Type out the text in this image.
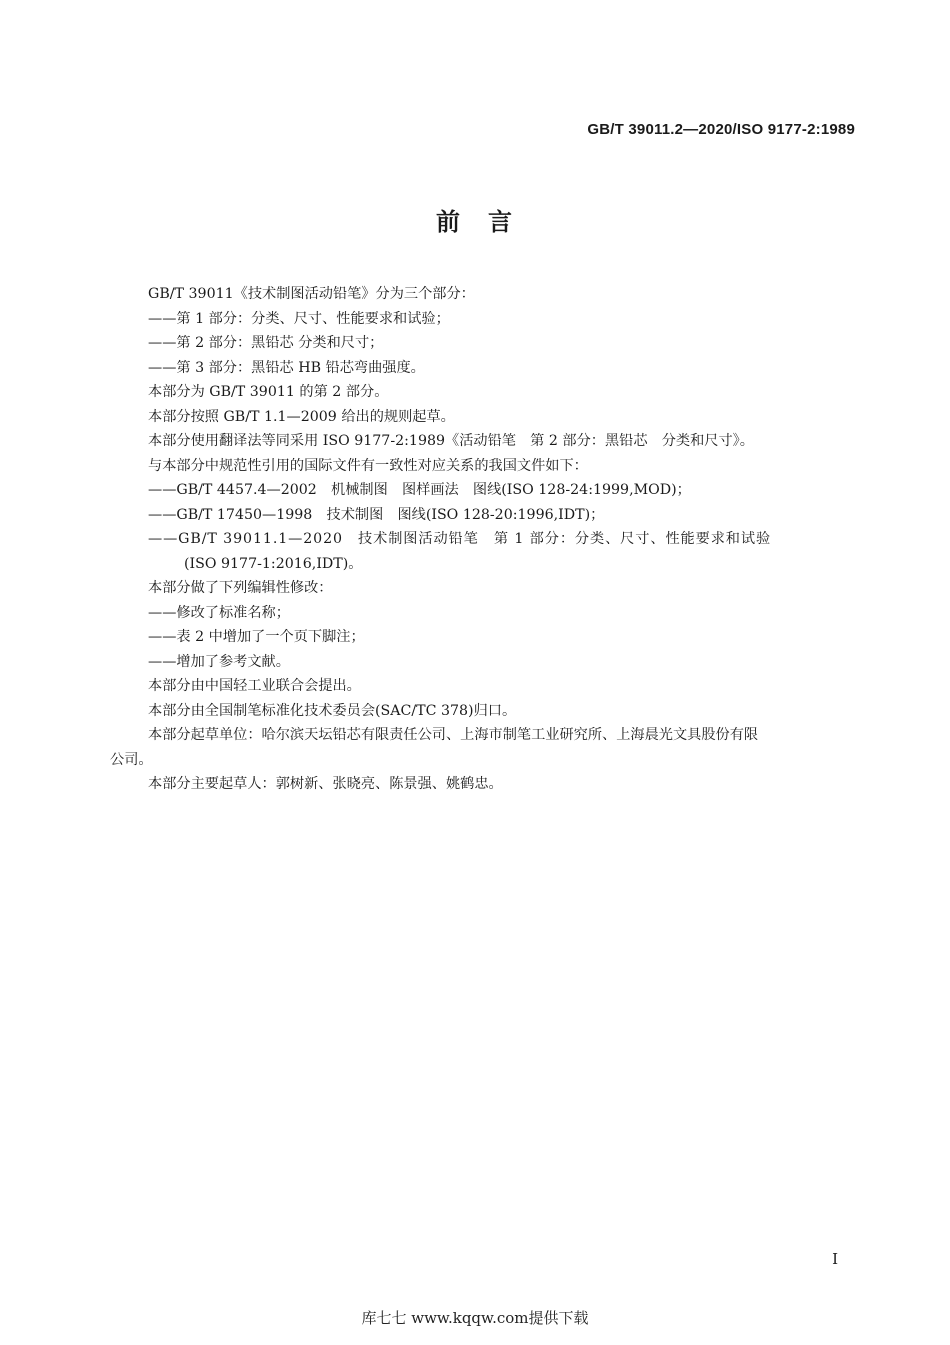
GB/T 39011.2—2020/ISO 9177-2:1989
前　言
GB/T 39011《技术制图活动铅笔》分为三个部分：
——第 1 部分：分类、尺寸、性能要求和试验；
——第 2 部分：黑铅芯 分类和尺寸；
——第 3 部分：黑铅芯 HB 铅芯弯曲强度。
本部分为 GB/T 39011 的第 2 部分。
本部分按照 GB/T 1.1—2009 给出的规则起草。
本部分使用翻译法等同采用 ISO 9177-2:1989《活动铅笔　第 2 部分：黑铅芯　分类和尺寸》。
与本部分中规范性引用的国际文件有一致性对应关系的我国文件如下：
——GB/T 4457.4—2002　机械制图　图样画法　图线(ISO 128-24:1999,MOD)；
——GB/T 17450—1998　技术制图　图线(ISO 128-20:1996,IDT)；
——GB/T 39011.1—2020　技术制图活动铅笔　第 1 部分：分类、尺寸、性能要求和试验
(ISO 9177-1:2016,IDT)。
本部分做了下列编辑性修改：
——修改了标准名称；
——表 2 中增加了一个页下脚注；
——增加了参考文献。
本部分由中国轻工业联合会提出。
本部分由全国制笔标准化技术委员会(SAC/TC 378)归口。
本部分起草单位：哈尔滨天坛铅芯有限责任公司、上海市制笔工业研究所、上海晨光文具股份有限
公司。
本部分主要起草人：郭树新、张晓亮、陈景强、姚鹤忠。
I
库七七 www.kqqw.com提供下载
